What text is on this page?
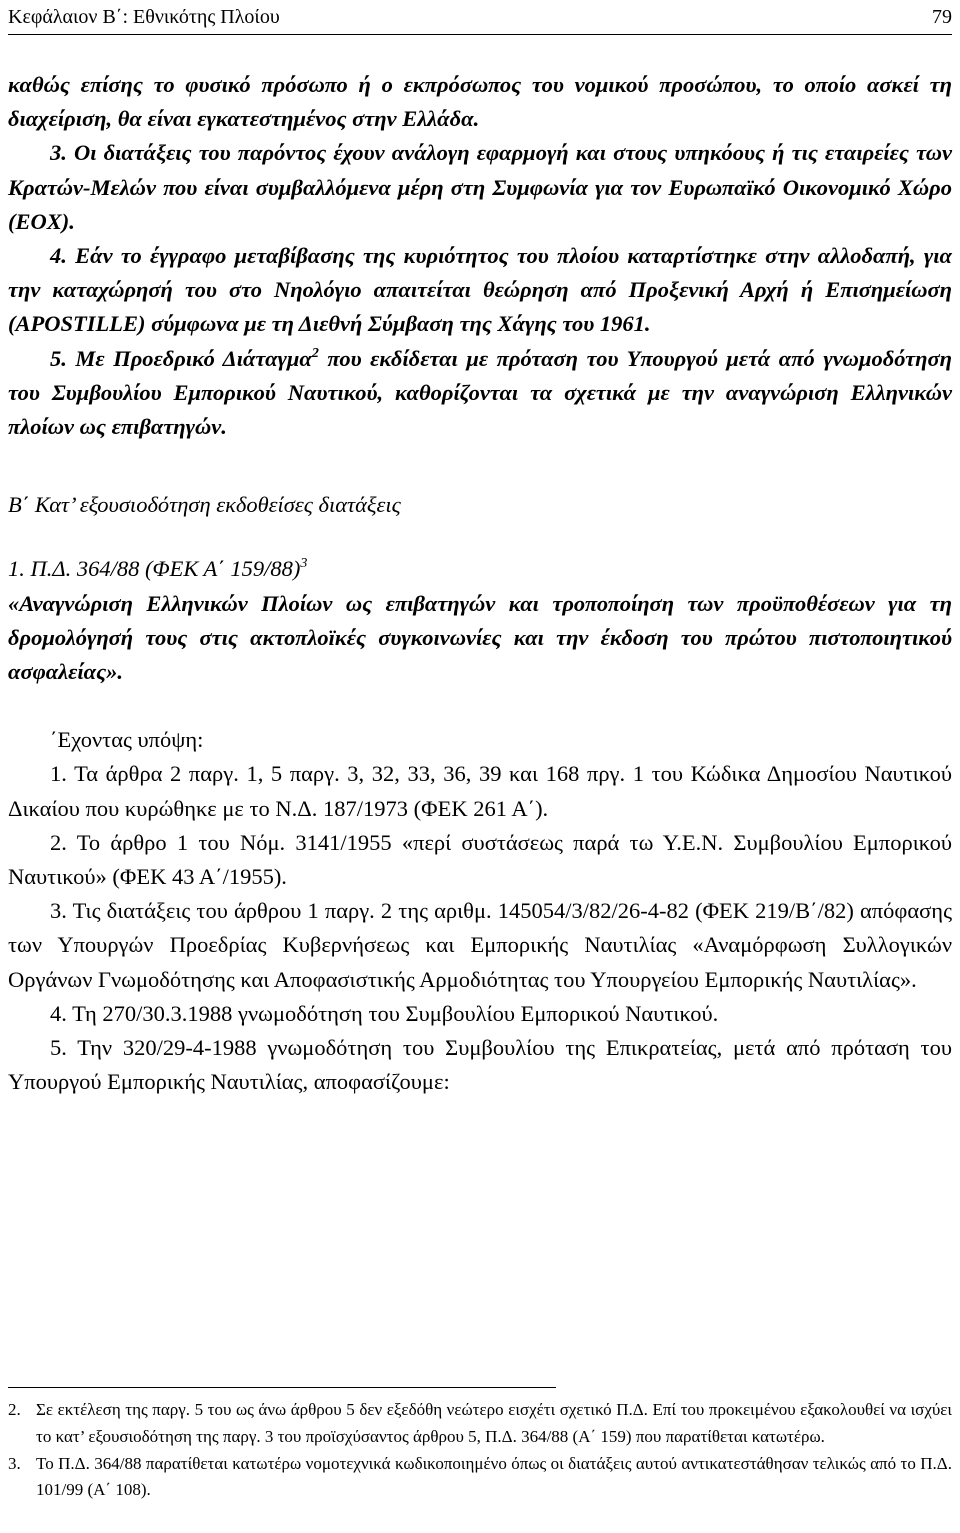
Κεφάλαιον Β΄: Εθνικότης Πλοίου	79

καθώς επίσης το φυσικό πρόσωπο ή ο εκπρόσωπος του νομικού προσώπου, το οποίο ασκεί τη διαχείριση, θα είναι εγκατεστημένος στην Ελλάδα.

3. Οι διατάξεις του παρόντος έχουν ανάλογη εφαρμογή και στους υπηκόους ή τις εταιρείες των Κρατών-Μελών που είναι συμβαλλόμενα μέρη στη Συμφωνία για τον Ευρωπαϊκό Οικονομικό Χώρο (ΕΟΧ).

4. Εάν το έγγραφο μεταβίβασης της κυριότητος του πλοίου καταρτίστηκε στην αλλοδαπή, για την καταχώρησή του στο Νηολόγιο απαιτείται θεώρηση από Προξενική Αρχή ή Επισημείωση (APOSTILLE) σύμφωνα με τη Διεθνή Σύμβαση της Χάγης του 1961.

5. Με Προεδρικό Διάταγμα$^2$ που εκδίδεται με πρόταση του Υπουργού μετά από γνωμοδότηση του Συμβουλίου Εμπορικού Ναυτικού, καθορίζονται τα σχετικά με την αναγνώριση Ελληνικών πλοίων ως επιβατηγών.

Β΄ Κατ’ εξουσιοδότηση εκδοθείσες διατάξεις

1. Π.Δ. 364/88 (ΦΕΚ Α΄ 159/88)$^3$

«Αναγνώριση Ελληνικών Πλοίων ως επιβατηγών και τροποποίηση των προϋποθέσεων για τη δρομολόγησή τους στις ακτοπλοϊκές συγκοινωνίες και την έκδοση του πρώτου πιστοποιητικού ασφαλείας».

΄Εχοντας υπόψη:

1. Τα άρθρα 2 παργ. 1, 5 παργ. 3, 32, 33, 36, 39 και 168 πργ. 1 του Κώδικα Δημοσίου Ναυτικού Δικαίου που κυρώθηκε με το Ν.Δ. 187/1973 (ΦΕΚ 261 Α΄).

2. Το άρθρο 1 του Νόμ. 3141/1955 «περί συστάσεως παρά τω Υ.Ε.Ν. Συμβουλίου Εμπορικού Ναυτικού» (ΦΕΚ 43 Α΄/1955).

3. Τις διατάξεις του άρθρου 1 παργ. 2 της αριθμ. 145054/3/82/26-4-82 (ΦΕΚ 219/Β΄/82) απόφασης των Υπουργών Προεδρίας Κυβερνήσεως και Εμπορικής Ναυτιλίας «Αναμόρφωση Συλλογικών Οργάνων Γνωμοδότησης και Αποφασιστικής Αρμοδιότητας του Υπουργείου Εμπορικής Ναυτιλίας».

4. Τη 270/30.3.1988 γνωμοδότηση του Συμβουλίου Εμπορικού Ναυτικού.

5. Την 320/29-4-1988 γνωμοδότηση του Συμβουλίου της Επικρατείας, μετά από πρόταση του Υπουργού Εμπορικής Ναυτιλίας, αποφασίζουμε:

2. Σε εκτέλεση της παργ. 5 του ως άνω άρθρου 5 δεν εξεδόθη νεώτερο εισχέτι σχετικό Π.Δ. Επί του προκειμένου εξακολουθεί να ισχύει το κατ’ εξουσιοδότηση της παργ. 3 του προϊσχύσαντος άρθρου 5, Π.Δ. 364/88 (Α΄ 159) που παρατίθεται κατωτέρω.
3. Το Π.Δ. 364/88 παρατίθεται κατωτέρω νομοτεχνικά κωδικοποιημένο όπως οι διατάξεις αυτού αντικατεστάθησαν τελικώς από το Π.Δ. 101/99 (Α΄ 108).
